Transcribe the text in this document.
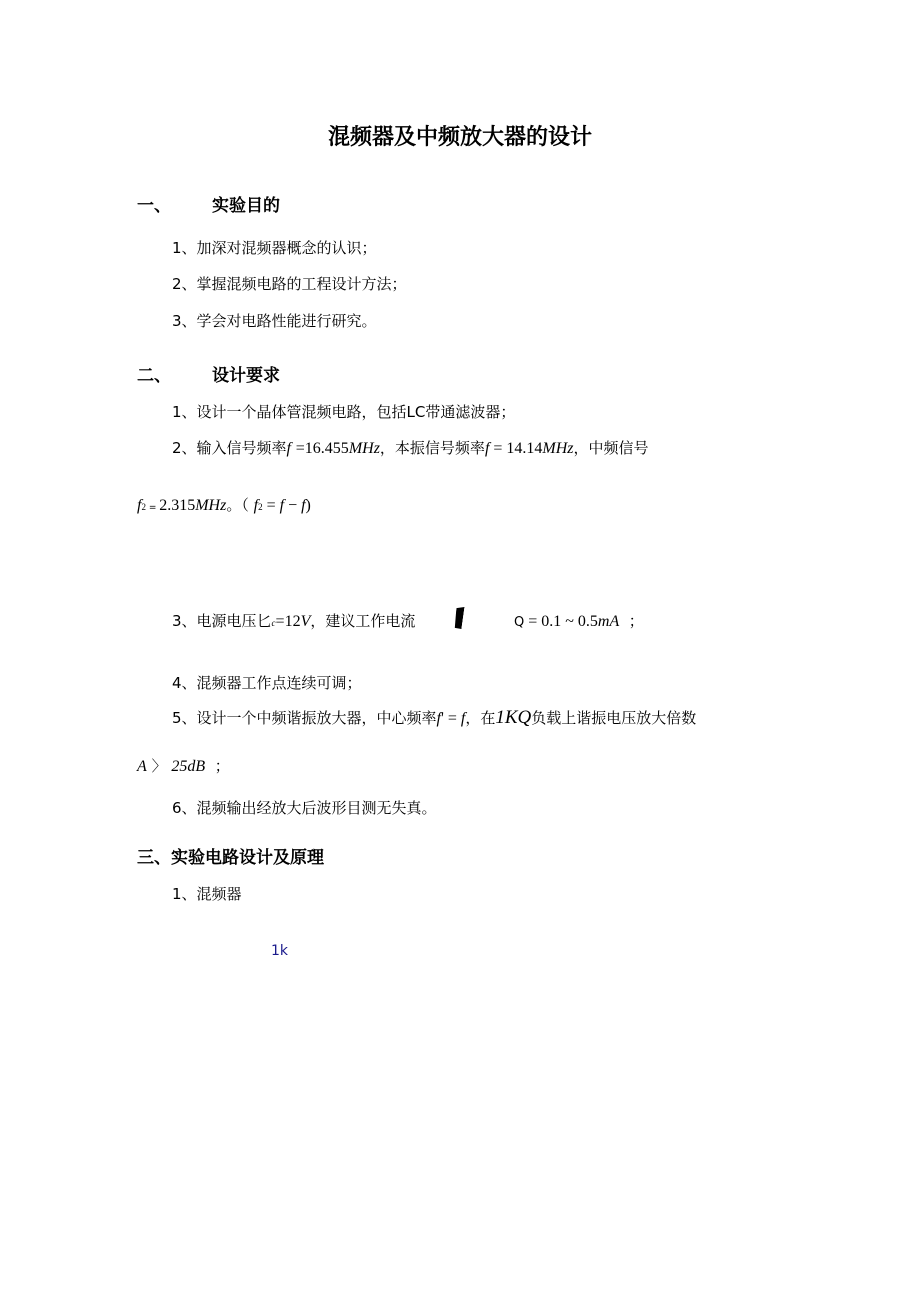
混频器及中频放大器的设计
一、 实验目的
1、加深对混频器概念的认识；
2、掌握混频电路的工程设计方法；
3、学会对电路性能进行研究。
二、 设计要求
1、设计一个晶体管混频电路，包括LC带通滤波器；
2、输入信号频率f =16.455MHz，本振信号频率f = 14.14MHz，中频信号
f2 = 2.315MHz。（ f2 = f − f)
3、电源电压匕c=12V，建议工作电流	Q = 0.1 ~ 0.5mA ；
4、混频器工作点连续可调；
5、设计一个中频谐振放大器，中心频率f' = f，在1KQ负载上谐振电压放大倍数
A 〉 25dB ；
6、混频输出经放大后波形目测无失真。
三、实验电路设计及原理
1、混频器
1k
